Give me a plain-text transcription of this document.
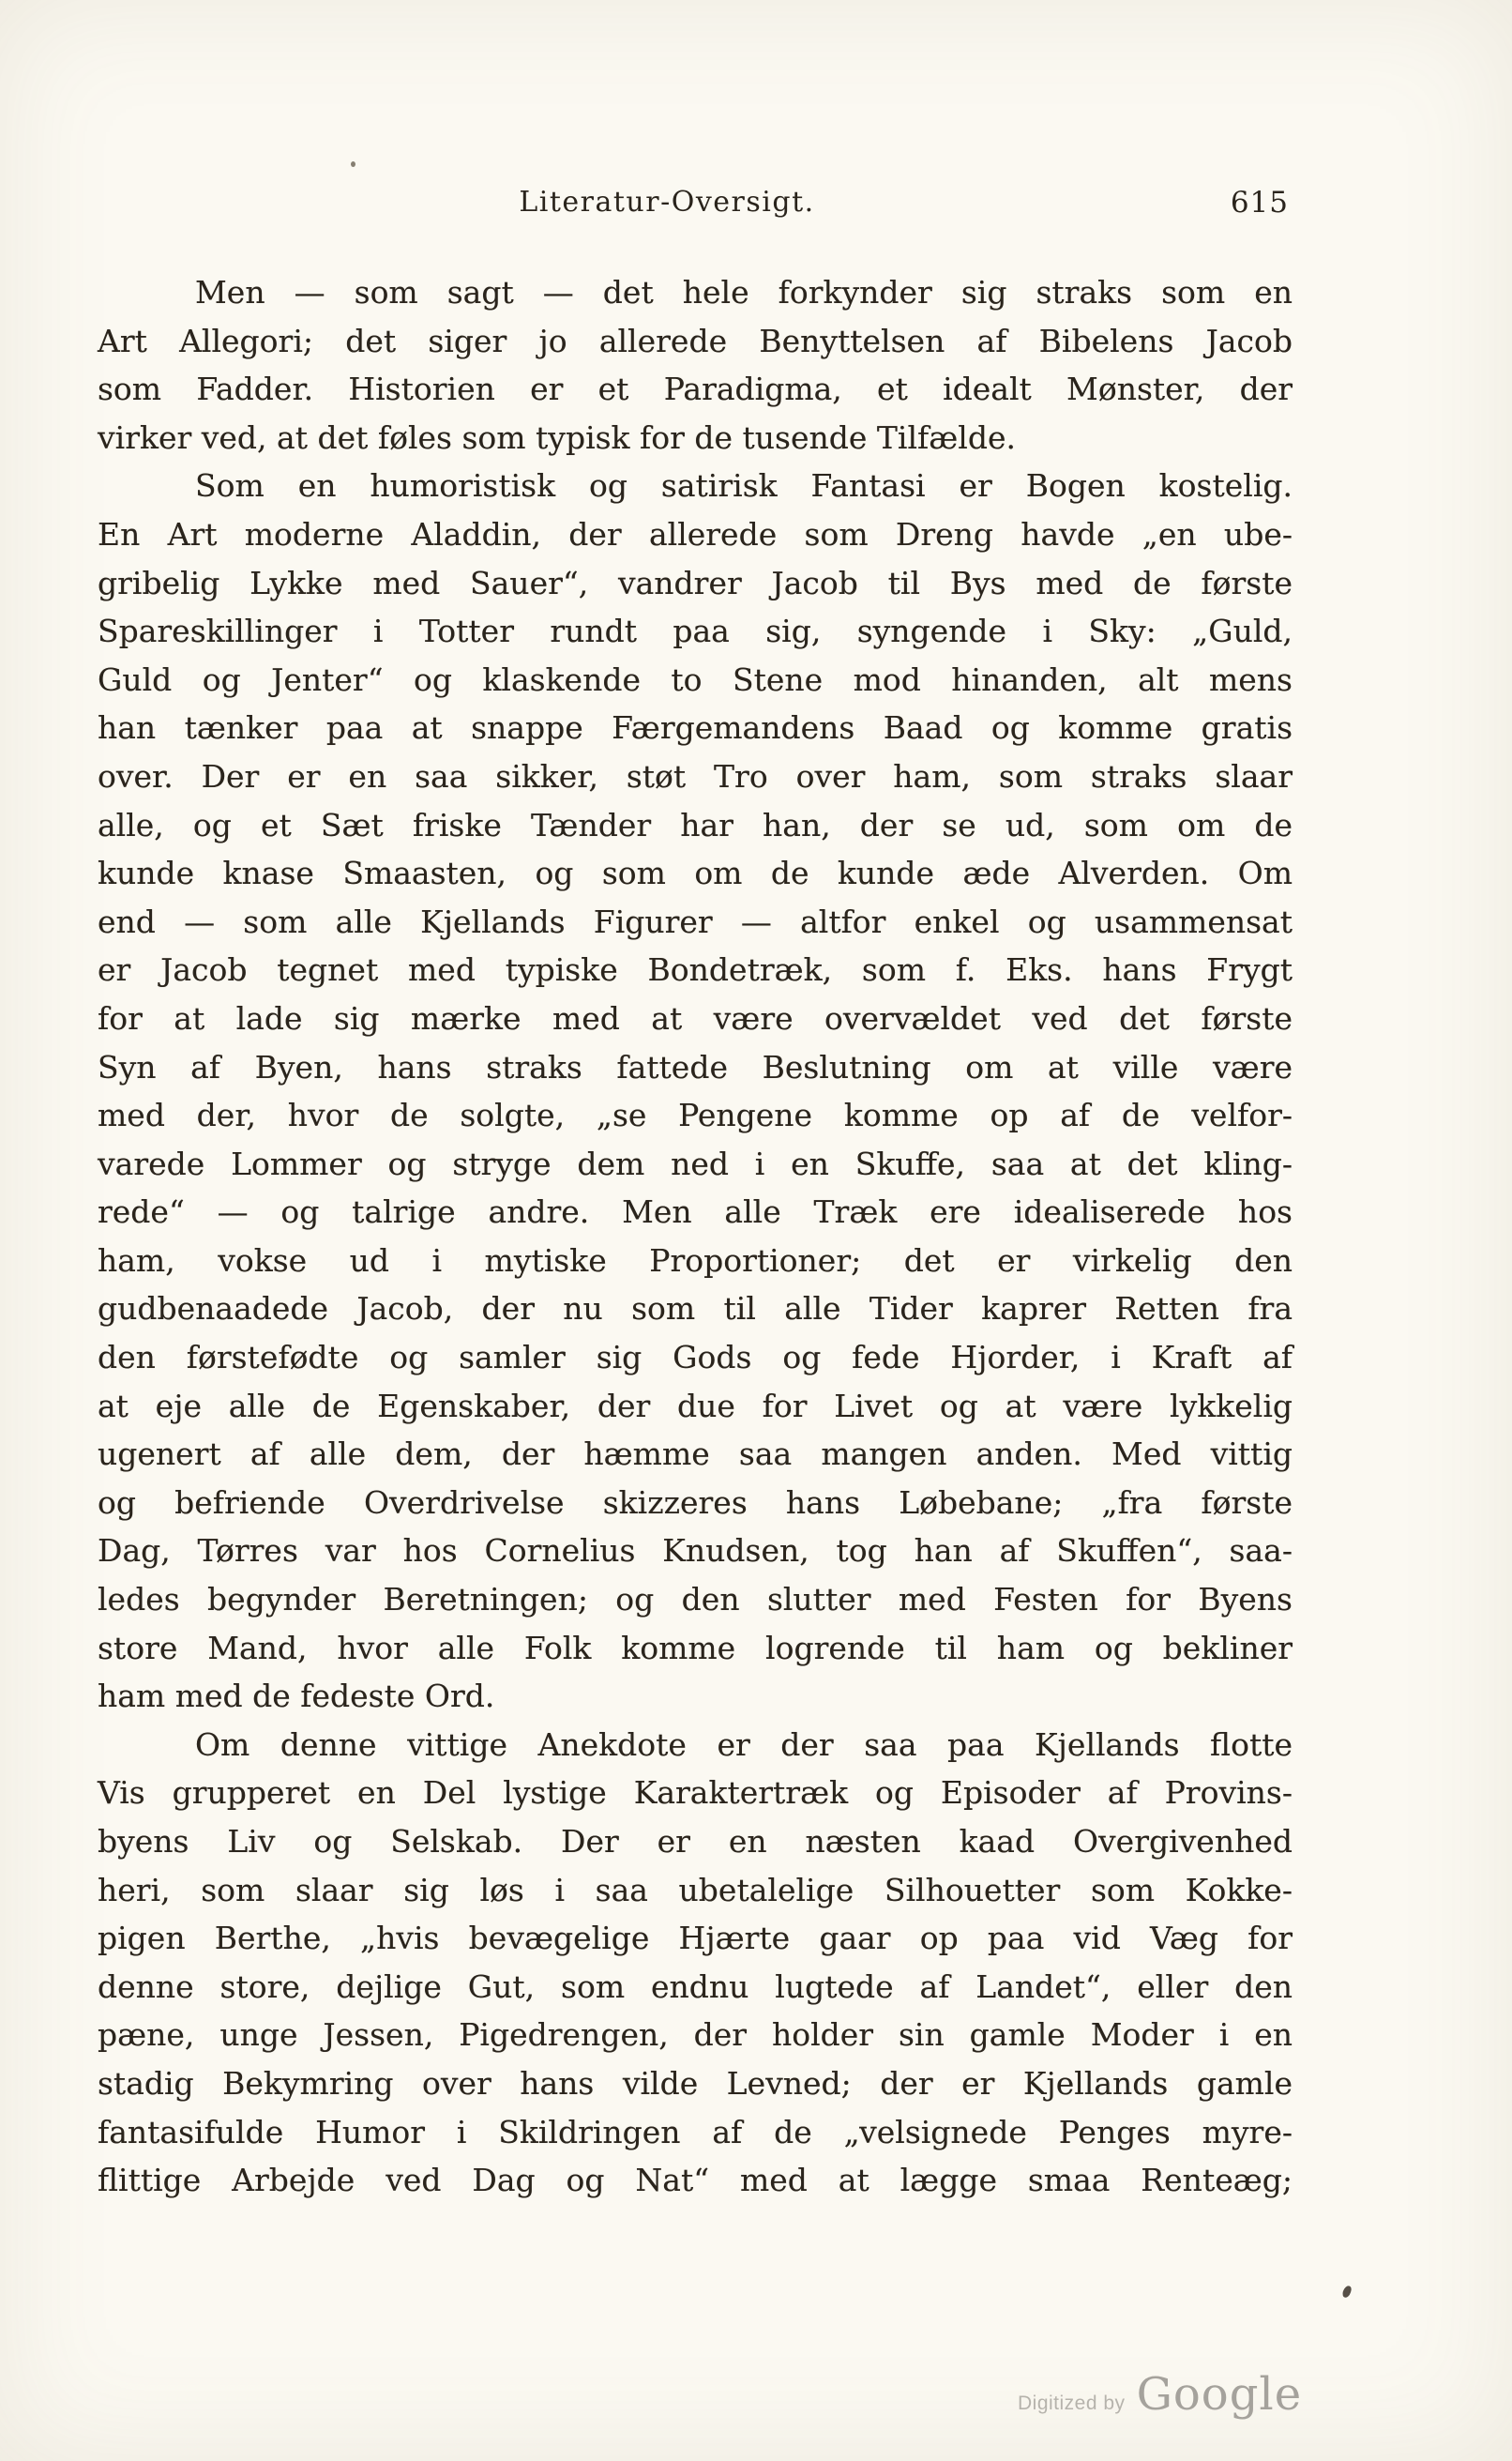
Literatur-Oversigt.	615

Men — som sagt — det hele forkynder sig straks som en
Art Allegori; det siger jo allerede Benyttelsen af Bibelens Jacob
som Fadder. Historien er et Paradigma, et idealt Mønster, der
virker ved, at det føles som typisk for de tusende Tilfælde.

Som en humoristisk og satirisk Fantasi er Bogen kostelig.
En Art moderne Aladdin, der allerede som Dreng havde „en ube-
gribelig Lykke med Sauer“, vandrer Jacob til Bys med de første
Spareskillinger i Totter rundt paa sig, syngende i Sky: „Guld,
Guld og Jenter“ og klaskende to Stene mod hinanden, alt mens
han tænker paa at snappe Færgemandens Baad og komme gratis
over. Der er en saa sikker, støt Tro over ham, som straks slaar
alle, og et Sæt friske Tænder har han, der se ud, som om de
kunde knase Smaasten, og som om de kunde æde Alverden. Om
end — som alle Kjellands Figurer — altfor enkel og usammensat
er Jacob tegnet med typiske Bondetræk, som f. Eks. hans Frygt
for at lade sig mærke med at være overvældet ved det første
Syn af Byen, hans straks fattede Beslutning om at ville være
med der, hvor de solgte, „se Pengene komme op af de velfor-
varede Lommer og stryge dem ned i en Skuffe, saa at det kling-
rede“ — og talrige andre. Men alle Træk ere idealiserede hos
ham, vokse ud i mytiske Proportioner; det er virkelig den
gudbenaadede Jacob, der nu som til alle Tider kaprer Retten fra
den førstefødte og samler sig Gods og fede Hjorder, i Kraft af
at eje alle de Egenskaber, der due for Livet og at være lykkelig
ugenert af alle dem, der hæmme saa mangen anden. Med vittig
og befriende Overdrivelse skizzeres hans Løbebane; „fra første
Dag, Tørres var hos Cornelius Knudsen, tog han af Skuffen“, saa-
ledes begynder Beretningen; og den slutter med Festen for Byens
store Mand, hvor alle Folk komme logrende til ham og bekliner
ham med de fedeste Ord.

Om denne vittige Anekdote er der saa paa Kjellands flotte
Vis grupperet en Del lystige Karaktertræk og Episoder af Provins-
byens Liv og Selskab. Der er en næsten kaad Overgivenhed
heri, som slaar sig løs i saa ubetalelige Silhouetter som Kokke-
pigen Berthe, „hvis bevægelige Hjærte gaar op paa vid Væg for
denne store, dejlige Gut, som endnu lugtede af Landet“, eller den
pæne, unge Jessen, Pigedrengen, der holder sin gamle Moder i en
stadig Bekymring over hans vilde Levned; der er Kjellands gamle
fantasifulde Humor i Skildringen af de „velsignede Penges myre-
flittige Arbejde ved Dag og Nat“ med at lægge smaa Renteæg;

Digitized by Google
